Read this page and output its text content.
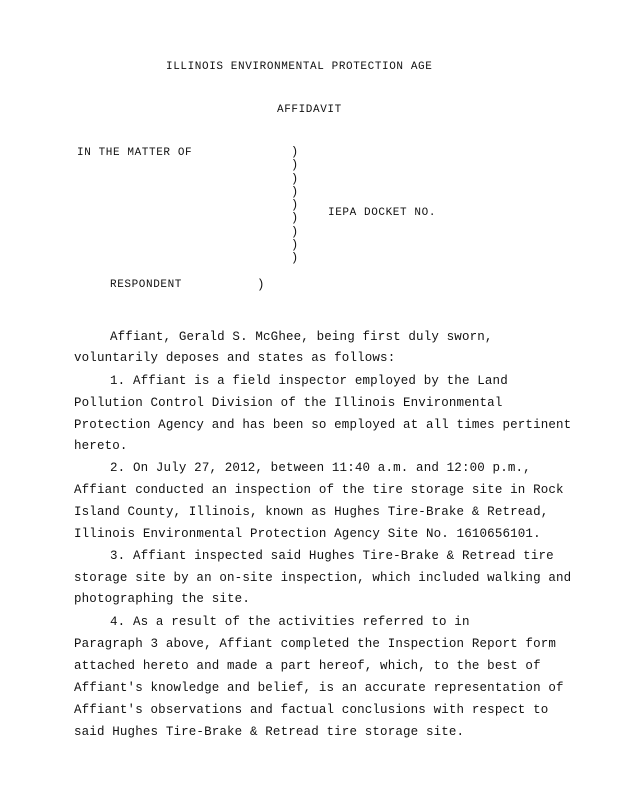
ILLINOIS ENVIRONMENTAL PROTECTION AGE
AFFIDAVIT
IN THE MATTER OF	)
)
)
)
)
)
)
)
)
IEPA DOCKET NO.
RESPONDENT	)
Affiant, Gerald S. McGhee, being first duly sworn,
voluntarily deposes and states as follows:
1. Affiant is a field inspector employed by the Land
Pollution Control Division of the Illinois Environmental
Protection Agency and has been so employed at all times pertinent
hereto.
2. On July 27, 2012, between 11:40 a.m. and 12:00 p.m.,
Affiant conducted an inspection of the tire storage site in Rock
Island County, Illinois, known as Hughes Tire-Brake & Retread,
Illinois Environmental Protection Agency Site No. 1610656101.
3. Affiant inspected said Hughes Tire-Brake & Retread tire
storage site by an on-site inspection, which included walking and
photographing the site.
4. As a result of the activities referred to in
Paragraph 3 above, Affiant completed the Inspection Report form
attached hereto and made a part hereof, which, to the best of
Affiant's knowledge and belief, is an accurate representation of
Affiant's observations and factual conclusions with respect to
said Hughes Tire-Brake & Retread tire storage site.
